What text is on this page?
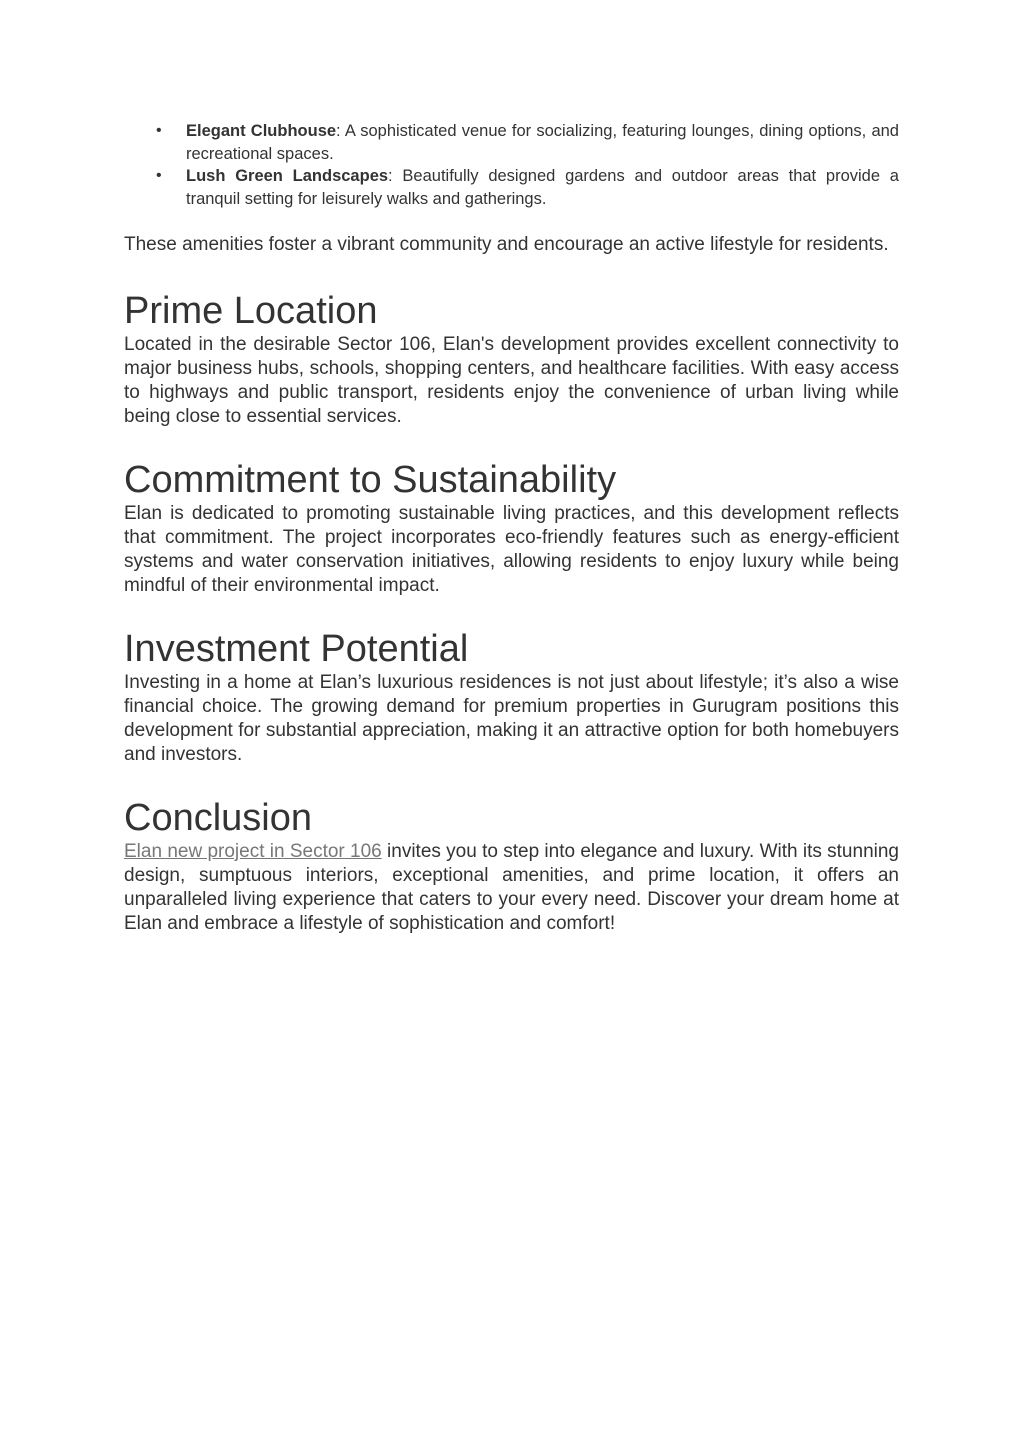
• Elegant Clubhouse: A sophisticated venue for socializing, featuring lounges, dining options, and recreational spaces.
• Lush Green Landscapes: Beautifully designed gardens and outdoor areas that provide a tranquil setting for leisurely walks and gatherings.

These amenities foster a vibrant community and encourage an active lifestyle for residents.

Prime Location

Located in the desirable Sector 106, Elan's development provides excellent connectivity to major business hubs, schools, shopping centers, and healthcare facilities. With easy access to highways and public transport, residents enjoy the convenience of urban living while being close to essential services.

Commitment to Sustainability

Elan is dedicated to promoting sustainable living practices, and this development reflects that commitment. The project incorporates eco-friendly features such as energy-efficient systems and water conservation initiatives, allowing residents to enjoy luxury while being mindful of their environmental impact.

Investment Potential

Investing in a home at Elan’s luxurious residences is not just about lifestyle; it’s also a wise financial choice. The growing demand for premium properties in Gurugram positions this development for substantial appreciation, making it an attractive option for both homebuyers and investors.

Conclusion

Elan new project in Sector 106 invites you to step into elegance and luxury. With its stunning design, sumptuous interiors, exceptional amenities, and prime location, it offers an unparalleled living experience that caters to your every need. Discover your dream home at Elan and embrace a lifestyle of sophistication and comfort!
